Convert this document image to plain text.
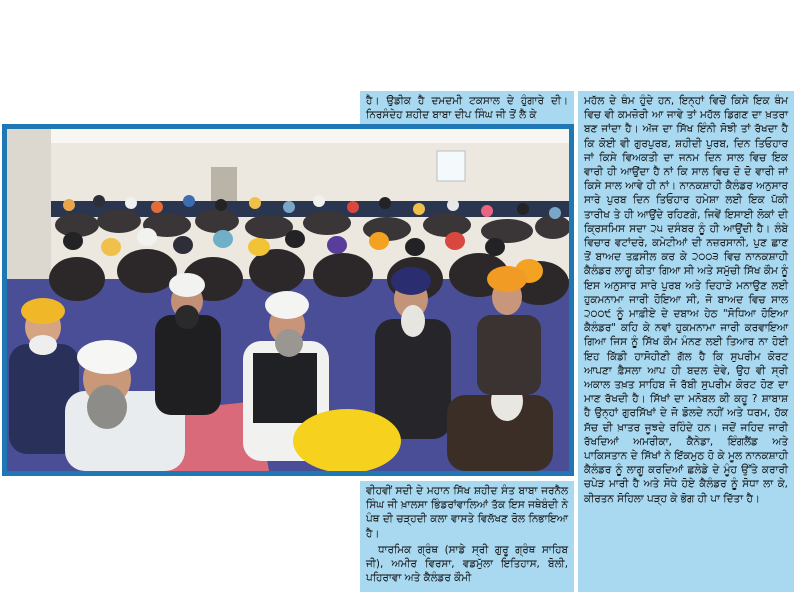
ਹੈ। ਉਡੀਕ ਹੈ ਦਮਦਮੀ ਟਕਸਾਲ ਦੇ ਹੁੰਗਾਰੇ ਦੀ। ਨਿਰਸੰਦੇਹ ਸ਼ਹੀਦ ਬਾਬਾ ਦੀਪ ਸਿੰਘ ਜੀ ਤੋਂ ਲੈ ਕੇ

ਮਹੱਲ ਦੇ ਥੰਮ ਹੁੰਦੇ ਹਨ, ਇਨ੍ਹਾਂ ਵਿਚੋਂ ਕਿਸੇ ਇਕ ਥੰਮ ਵਿਚ ਵੀ ਕਮਜ਼ੋਰੀ ਆ ਜਾਵੇ ਤਾਂ ਮਹੱਲ ਡਿਗਣ ਦਾ ਖ਼ਤਰਾ ਬਣ ਜਾਂਦਾ ਹੈ। ਅੱਜ ਦਾ ਸਿੱਖ ਇੰਨੀ ਸੋਝੀ ਤਾਂ ਰੱਖਦਾ ਹੈ ਕਿ ਕੋਈ ਵੀ ਗੁਰਪੁਰਬ, ਸ਼ਹੀਦੀ ਪੁਰਬ, ਦਿਨ ਤਿਓਹਾਰ ਜਾਂ ਕਿਸੇ ਵਿਅਕਤੀ ਦਾ ਜਨਮ ਦਿਨ ਸਾਲ ਵਿਚ ਇਕ ਵਾਰੀ ਹੀ ਆਉਂਦਾ ਹੈ ਨਾਂ ਕਿ ਸਾਲ ਵਿਚ ਦੋ ਦੋ ਵਾਰੀ ਜਾਂ ਕਿਸੇ ਸਾਲ ਆਵੇ ਹੀ ਨਾਂ। ਨਾਨਕਸ਼ਾਹੀ ਕੈਲੰਡਰ ਅਨੁਸਾਰ ਸਾਰੇ ਪੁਰਬ ਦਿਨ ਤਿਓਹਾਰ ਹਮੇਸ਼ਾ ਲਈ ਇਕ ਪੱਕੀ ਤਾਰੀਖ ਤੇ ਹੀ ਆਉਂਦੇ ਰਹਿਣਗੇ, ਜਿਵੇਂ ਇਸਾਈ ਲੋਕਾਂ ਦੀ ਕ੍ਰਿਸਮਿਸ ਸਦਾ ੨੫ ਦਸੰਬਰ ਨੂੰ ਹੀ ਆਉਂਦੀ ਹੈ। ਲੰਬੇ ਵਿਚਾਰ ਵਟਾਂਦਰੇ, ਕਮੇਟੀਆਂ ਦੀ ਨਜ਼ਰਸਾਨੀ, ਪੁਣ ਛਾਣ ਤੋਂ ਬਾਅਦ ਤਫ਼ਸੀਲ ਕਰ ਕੇ ੨੦੦੩ ਵਿਚ ਨਾਨਕਸ਼ਾਹੀ ਕੈਲੰਡਰ ਲਾਗੂ ਕੀਤਾ ਗਿਆ ਸੀ ਅਤੇ ਸਮੁੱਚੀ ਸਿੱਖ ਕੌਮ ਨੂੰ ਇਸ ਅਨੁਸਾਰ ਸਾਰੇ ਪੁਰਬ ਅਤੇ ਦਿਹਾੜੇ ਮਨਾਉਣ ਲਈ ਹੁਕਮਨਾਮਾ ਜਾਰੀ ਹੋਇਆ ਸੀ, ਜੋ ਬਾਅਦ ਵਿਚ ਸਾਲ ੨੦੦੯ ਨੂੰ ਮਾਫ਼ੀਏ ਦੇ ਦਬਾਅ ਹੇਠ "ਸੋਧਿਆ ਹੋਇਆ ਕੈਲੰਡਰ" ਕਹਿ ਕੇ ਨਵਾਂ ਹੁਕਮਨਾਮਾ ਜਾਰੀ ਕਰਵਾਇਆ ਗਿਆ ਜਿਸ ਨੂੰ ਸਿੱਖ ਕੌਮ ਮੰਨਣ ਲਈ ਤਿਆਰ ਨਾ ਹੋਈ ਇਹ ਕਿੱਡੀ ਹਾਸੋਹੀਣੀ ਗੱਲ ਹੈ ਕਿ ਸੁਪਰੀਮ ਕੋਰਟ ਆਪਣਾ ਫ਼ੈਸਲਾ ਆਪ ਹੀ ਬਦਲ ਦੇਵੇ, ਉਹ ਵੀ ਸ੍ਰੀ ਅਕਾਲ ਤਖ਼ਤ ਸਾਹਿਬ ਜੋ ਰੱਬੀ ਸੁਪਰੀਮ ਕੋਰਟ ਹੋਣ ਦਾ ਮਾਣ ਰੱਖਦੀ ਹੈ। ਸਿੱਖਾਂ ਦਾ ਮਨੋਬਲ ਕੀ ਕਹੂ ? ਸ਼ਾਬਾਸ਼ ਹੈ ਉਨ੍ਹਾਂ ਗੁਰਸਿੱਖਾਂ ਦੇ ਜੋ ਡੋਲਦੇ ਨਹੀਂ ਅਤੇ ਧਰਮ, ਹੱਕ ਸੱਚ ਦੀ ਖ਼ਾਤਰ ਜੂਝਦੇ ਰਹਿੰਦੇ ਹਨ। ਜਦੋਂ ਜਹਿਦ ਜਾਰੀ ਰੱਖਦਿਆਂ ਅਮਰੀਕਾ, ਕੈਨੇਡਾ, ਇੰਗਲੈਂਡ ਅਤੇ ਪਾਕਿਸਤਾਨ ਦੇ ਸਿੱਖਾਂ ਨੇ ਇੱਕਮੁਠ ਹੋ ਕੇ ਮੂਲ ਨਾਨਕਸ਼ਾਹੀ ਕੈਲੰਡਰ ਨੂੰ ਲਾਗੂ ਕਰਦਿਆਂ ਛਲੇਡੇ ਦੇ ਮੂੰਹ ਉੱਤੇ ਕਰਾਰੀ ਚਪੇੜ ਮਾਰੀ ਹੈ ਅਤੇ ਸੋਧੇ ਹੋਏ ਕੈਲੰਡਰ ਨੂੰ ਸੋਧਾ ਲਾ ਕੇ, ਕੀਰਤਨ ਸੋਹਿਲਾ ਪੜ੍ਹ ਕੇ ਭੋਗ ਹੀ ਪਾ ਦਿੱਤਾ ਹੈ।

ਵੀਹਵੀਂ ਸਦੀ ਦੇ ਮਹਾਨ ਸਿੱਖ ਸ਼ਹੀਦ ਸੰਤ ਬਾਬਾ ਜਰਨੈਲ ਸਿੰਘ ਜੀ ਖ਼ਾਲਸਾ ਭਿੰਡਰਾਂਵਾਲਿਆਂ ਤੱਕ ਇਸ ਜਥੇਬੰਦੀ ਨੇ ਪੰਥ ਦੀ ਚੜ੍ਹਦੀ ਕਲਾ ਵਾਸਤੇ ਵਿਲੱਖਣ ਰੋਲ ਨਿਭਾਇਆ ਹੈ।

ਧਾਰਮਿਕ ਗ੍ਰੰਥ (ਸਾਡੇ ਸ੍ਰੀ ਗੁਰੂ ਗ੍ਰੰਥ ਸਾਹਿਬ ਜੀ), ਅਮੀਰ ਵਿਰਸਾ, ਵਡਮੁੱਲਾ ਇਤਿਹਾਸ, ਬੋਲੀ, ਪਹਿਰਾਵਾ ਅਤੇ ਕੈਲੰਡਰ ਕੌਮੀ
